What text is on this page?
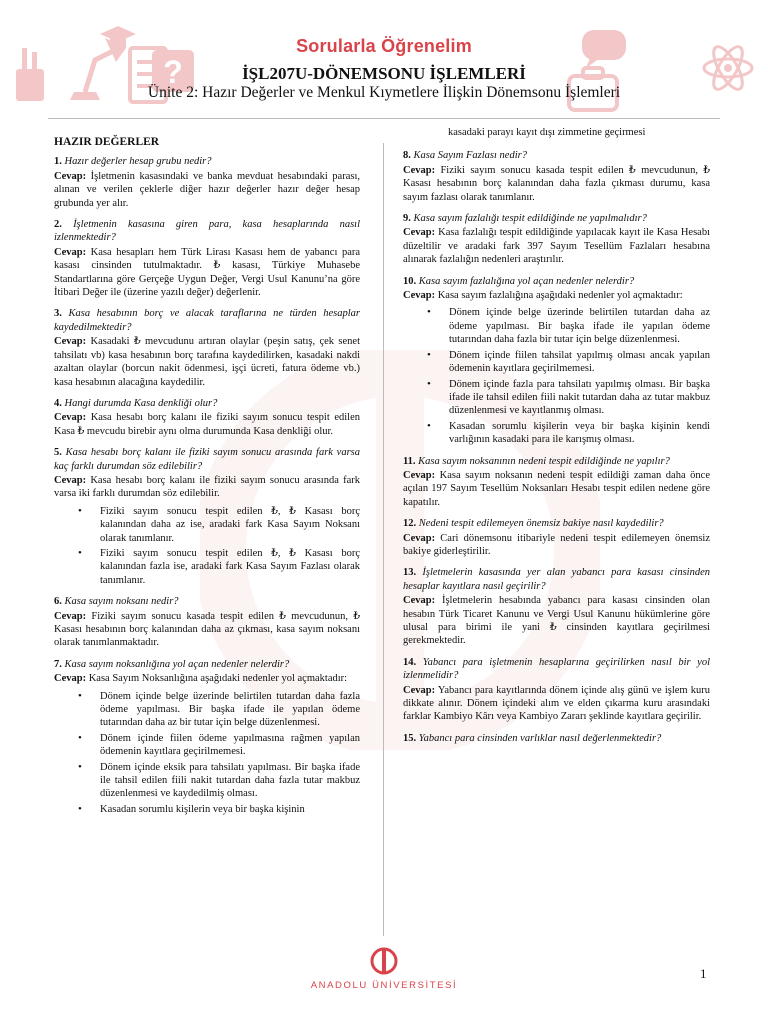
?
Sorularla Öğrenelim
İŞL207U-DÖNEMSONU İŞLEMLERİ
Ünite 2: Hazır Değerler ve Menkul Kıymetlere İlişkin Dönemsonu İşlemleri
HAZIR DEĞERLER
1. Hazır değerler hesap grubu nedir?
Cevap: İşletmenin kasasındaki ve banka mevduat hesabındaki parası, alınan ve verilen çeklerle diğer hazır değerler hazır değer hesap grubunda yer alır.
2. İşletmenin kasasına giren para, kasa hesaplarında nasıl izlenmektedir?
Cevap: Kasa hesapları hem Türk Lirası Kasası hem de yabancı para kasası cinsinden tutulmaktadır. ₺ kasası, Türkiye Muhasebe Standartlarına göre Gerçeğe Uygun Değer, Vergi Usul Kanunu’na göre İtibari Değer ile (üzerine yazılı değer) değerlenir.
3. Kasa hesabının borç ve alacak taraflarına ne türden hesaplar kaydedilmektedir?
Cevap: Kasadaki ₺ mevcudunu artıran olaylar (peşin satış, çek senet tahsilatı vb) kasa hesabının borç tarafına kaydedilirken, kasadaki nakdi azaltan olaylar (borcun nakit ödenmesi, işçi ücreti, fatura ödeme vb.) kasa hesabının alacağına kaydedilir.
4. Hangi durumda Kasa denkliği olur?
Cevap: Kasa hesabı borç kalanı ile fiziki sayım sonucu tespit edilen Kasa ₺ mevcudu birebir aynı olma durumunda Kasa denkliği olur.
5. Kasa hesabı borç kalanı ile fiziki sayım sonucu arasında fark varsa kaç farklı durumdan söz edilebilir?
Cevap: Kasa hesabı borç kalanı ile fiziki sayım sonucu arasında fark varsa iki farklı durumdan söz edilebilir.
• Fiziki sayım sonucu tespit edilen ₺, ₺ Kasası borç kalanından daha az ise, aradaki fark Kasa Sayım Noksanı olarak tanımlanır.
• Fiziki sayım sonucu tespit edilen ₺, ₺ Kasası borç kalanından fazla ise, aradaki fark Kasa Sayım Fazlası olarak tanımlanır.
6. Kasa sayım noksanı nedir?
Cevap: Fiziki sayım sonucu kasada tespit edilen ₺ mevcudunun, ₺ Kasası hesabının borç kalanından daha az çıkması, kasa sayım noksanı olarak tanımlanmaktadır.
7. Kasa sayım noksanlığına yol açan nedenler nelerdir?
Cevap: Kasa Sayım Noksanlığına aşağıdaki nedenler yol açmaktadır:
• Dönem içinde belge üzerinde belirtilen tutardan daha fazla ödeme yapılması. Bir başka ifade ile yapılan ödeme tutarından daha az bir tutar için belge düzenlenmesi.
• Dönem içinde fiilen ödeme yapılmasına rağmen yapılan ödemenin kayıtlara geçirilmemesi.
• Dönem içinde eksik para tahsilatı yapılması. Bir başka ifade ile tahsil edilen fiili nakit tutardan daha fazla tutar makbuz düzenlenmesi ve kaydedilmiş olması.
• Kasadan sorumlu kişilerin veya bir başka kişinin
kasadaki parayı kayıt dışı zimmetine geçirmesi
8. Kasa Sayım Fazlası nedir?
Cevap: Fiziki sayım sonucu kasada tespit edilen ₺ mevcudunun, ₺ Kasası hesabının borç kalanından daha fazla çıkması durumu, kasa sayım fazlası olarak tanımlanır.
9. Kasa sayım fazlalığı tespit edildiğinde ne yapılmalıdır?
Cevap: Kasa fazlalığı tespit edildiğinde yapılacak kayıt ile Kasa Hesabı düzeltilir ve aradaki fark 397 Sayım Tesellüm Fazlaları hesabına alınarak fazlalığın nedenleri araştırılır.
10. Kasa sayım fazlalığına yol açan nedenler nelerdir?
Cevap: Kasa sayım fazlalığına aşağıdaki nedenler yol açmaktadır:
• Dönem içinde belge üzerinde belirtilen tutardan daha az ödeme yapılması. Bir başka ifade ile yapılan ödeme tutarından daha fazla bir tutar için belge düzenlenmesi.
• Dönem içinde fiilen tahsilat yapılmış olması ancak yapılan ödemenin kayıtlara geçirilmemesi.
• Dönem içinde fazla para tahsilatı yapılmış olması. Bir başka ifade ile tahsil edilen fiili nakit tutardan daha az tutar makbuz düzenlenmesi ve kayıtlanmış olması.
• Kasadan sorumlu kişilerin veya bir başka kişinin kendi varlığının kasadaki para ile karışmış olması.
11. Kasa sayım noksanının nedeni tespit edildiğinde ne yapılır?
Cevap: Kasa sayım noksanın nedeni tespit edildiği zaman daha önce açılan 197 Sayım Tesellüm Noksanları Hesabı tespit edilen nedene göre kapatılır.
12. Nedeni tespit edilemeyen önemsiz bakiye nasıl kaydedilir?
Cevap: Cari dönemsonu itibariyle nedeni tespit edilemeyen önemsiz bakiye giderleştirilir.
13. İşletmelerin kasasında yer alan yabancı para kasası cinsinden hesaplar kayıtlara nasıl geçirilir?
Cevap: İşletmelerin hesabında yabancı para kasası cinsinden olan hesabın Türk Ticaret Kanunu ve Vergi Usul Kanunu hükümlerine göre ulusal para birimi ile yani ₺ cinsinden kayıtlara geçirilmesi gerekmektedir.
14. Yabancı para işletmenin hesaplarına geçirilirken nasıl bir yol izlenmelidir?
Cevap: Yabancı para kayıtlarında dönem içinde alış günü ve işlem kuru dikkate alınır. Dönem içindeki alım ve elden çıkarma kuru arasındaki farklar Kambiyo Kârı veya Kambiyo Zararı şeklinde kayıtlara geçirilir.
15. Yabancı para cinsinden varlıklar nasıl değerlenmektedir?
ANADOLU ÜNİVERSİTESİ
1
